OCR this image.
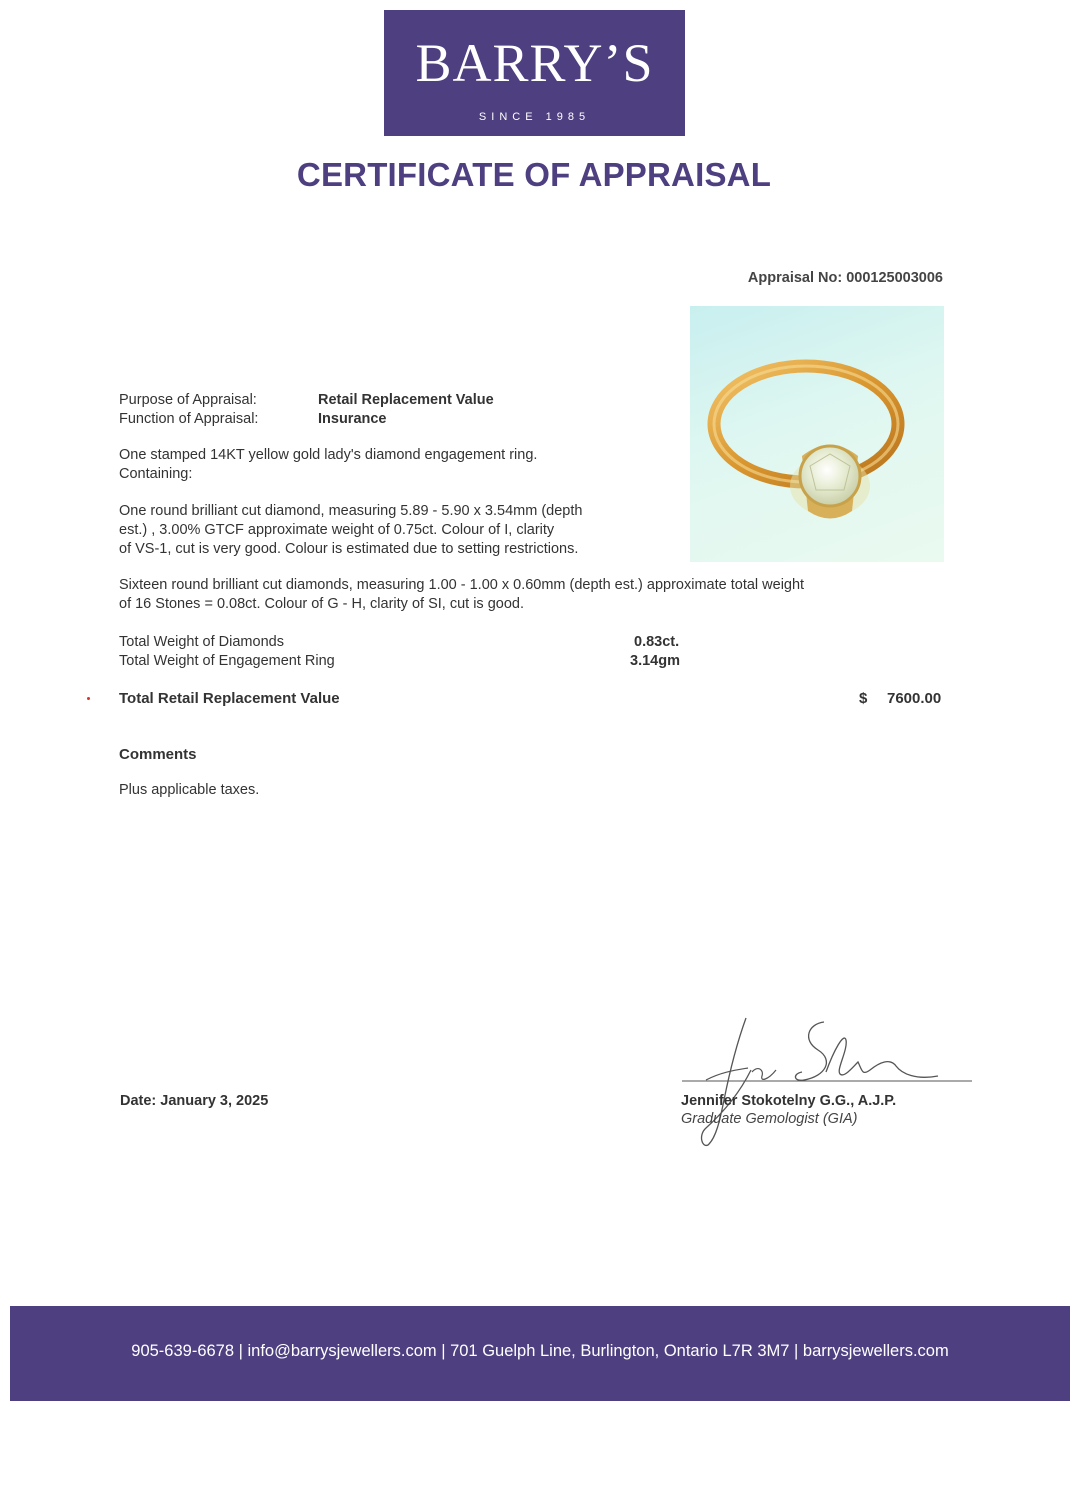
BARRY’S
SINCE 1985
CERTIFICATE OF APPRAISAL
Appraisal No: 000125003006
Purpose of Appraisal:	Retail Replacement Value
Function of Appraisal:	Insurance
One stamped 14KT yellow gold lady's diamond engagement ring.
Containing:
One round brilliant cut diamond, measuring 5.89 - 5.90 x 3.54mm (depth
est.) , 3.00% GTCF approximate weight of 0.75ct. Colour of I, clarity
of VS-1, cut is very good. Colour is estimated due to setting restrictions.
Sixteen round brilliant cut diamonds, measuring 1.00 - 1.00 x 0.60mm (depth est.) approximate total weight
of 16 Stones = 0.08ct. Colour of G - H, clarity of SI, cut is good.
Total Weight of Diamonds	0.83ct.
Total Weight of Engagement Ring	3.14gm
Total Retail Replacement Value	$ 7600.00
Comments
Plus applicable taxes.
Date: January 3, 2025	Jennifer Stokotelny G.G., A.J.P.
Graduate Gemologist (GIA)
905-639-6678 | info@barrysjewellers.com | 701 Guelph Line, Burlington, Ontario L7R 3M7 | barrysjewellers.com
